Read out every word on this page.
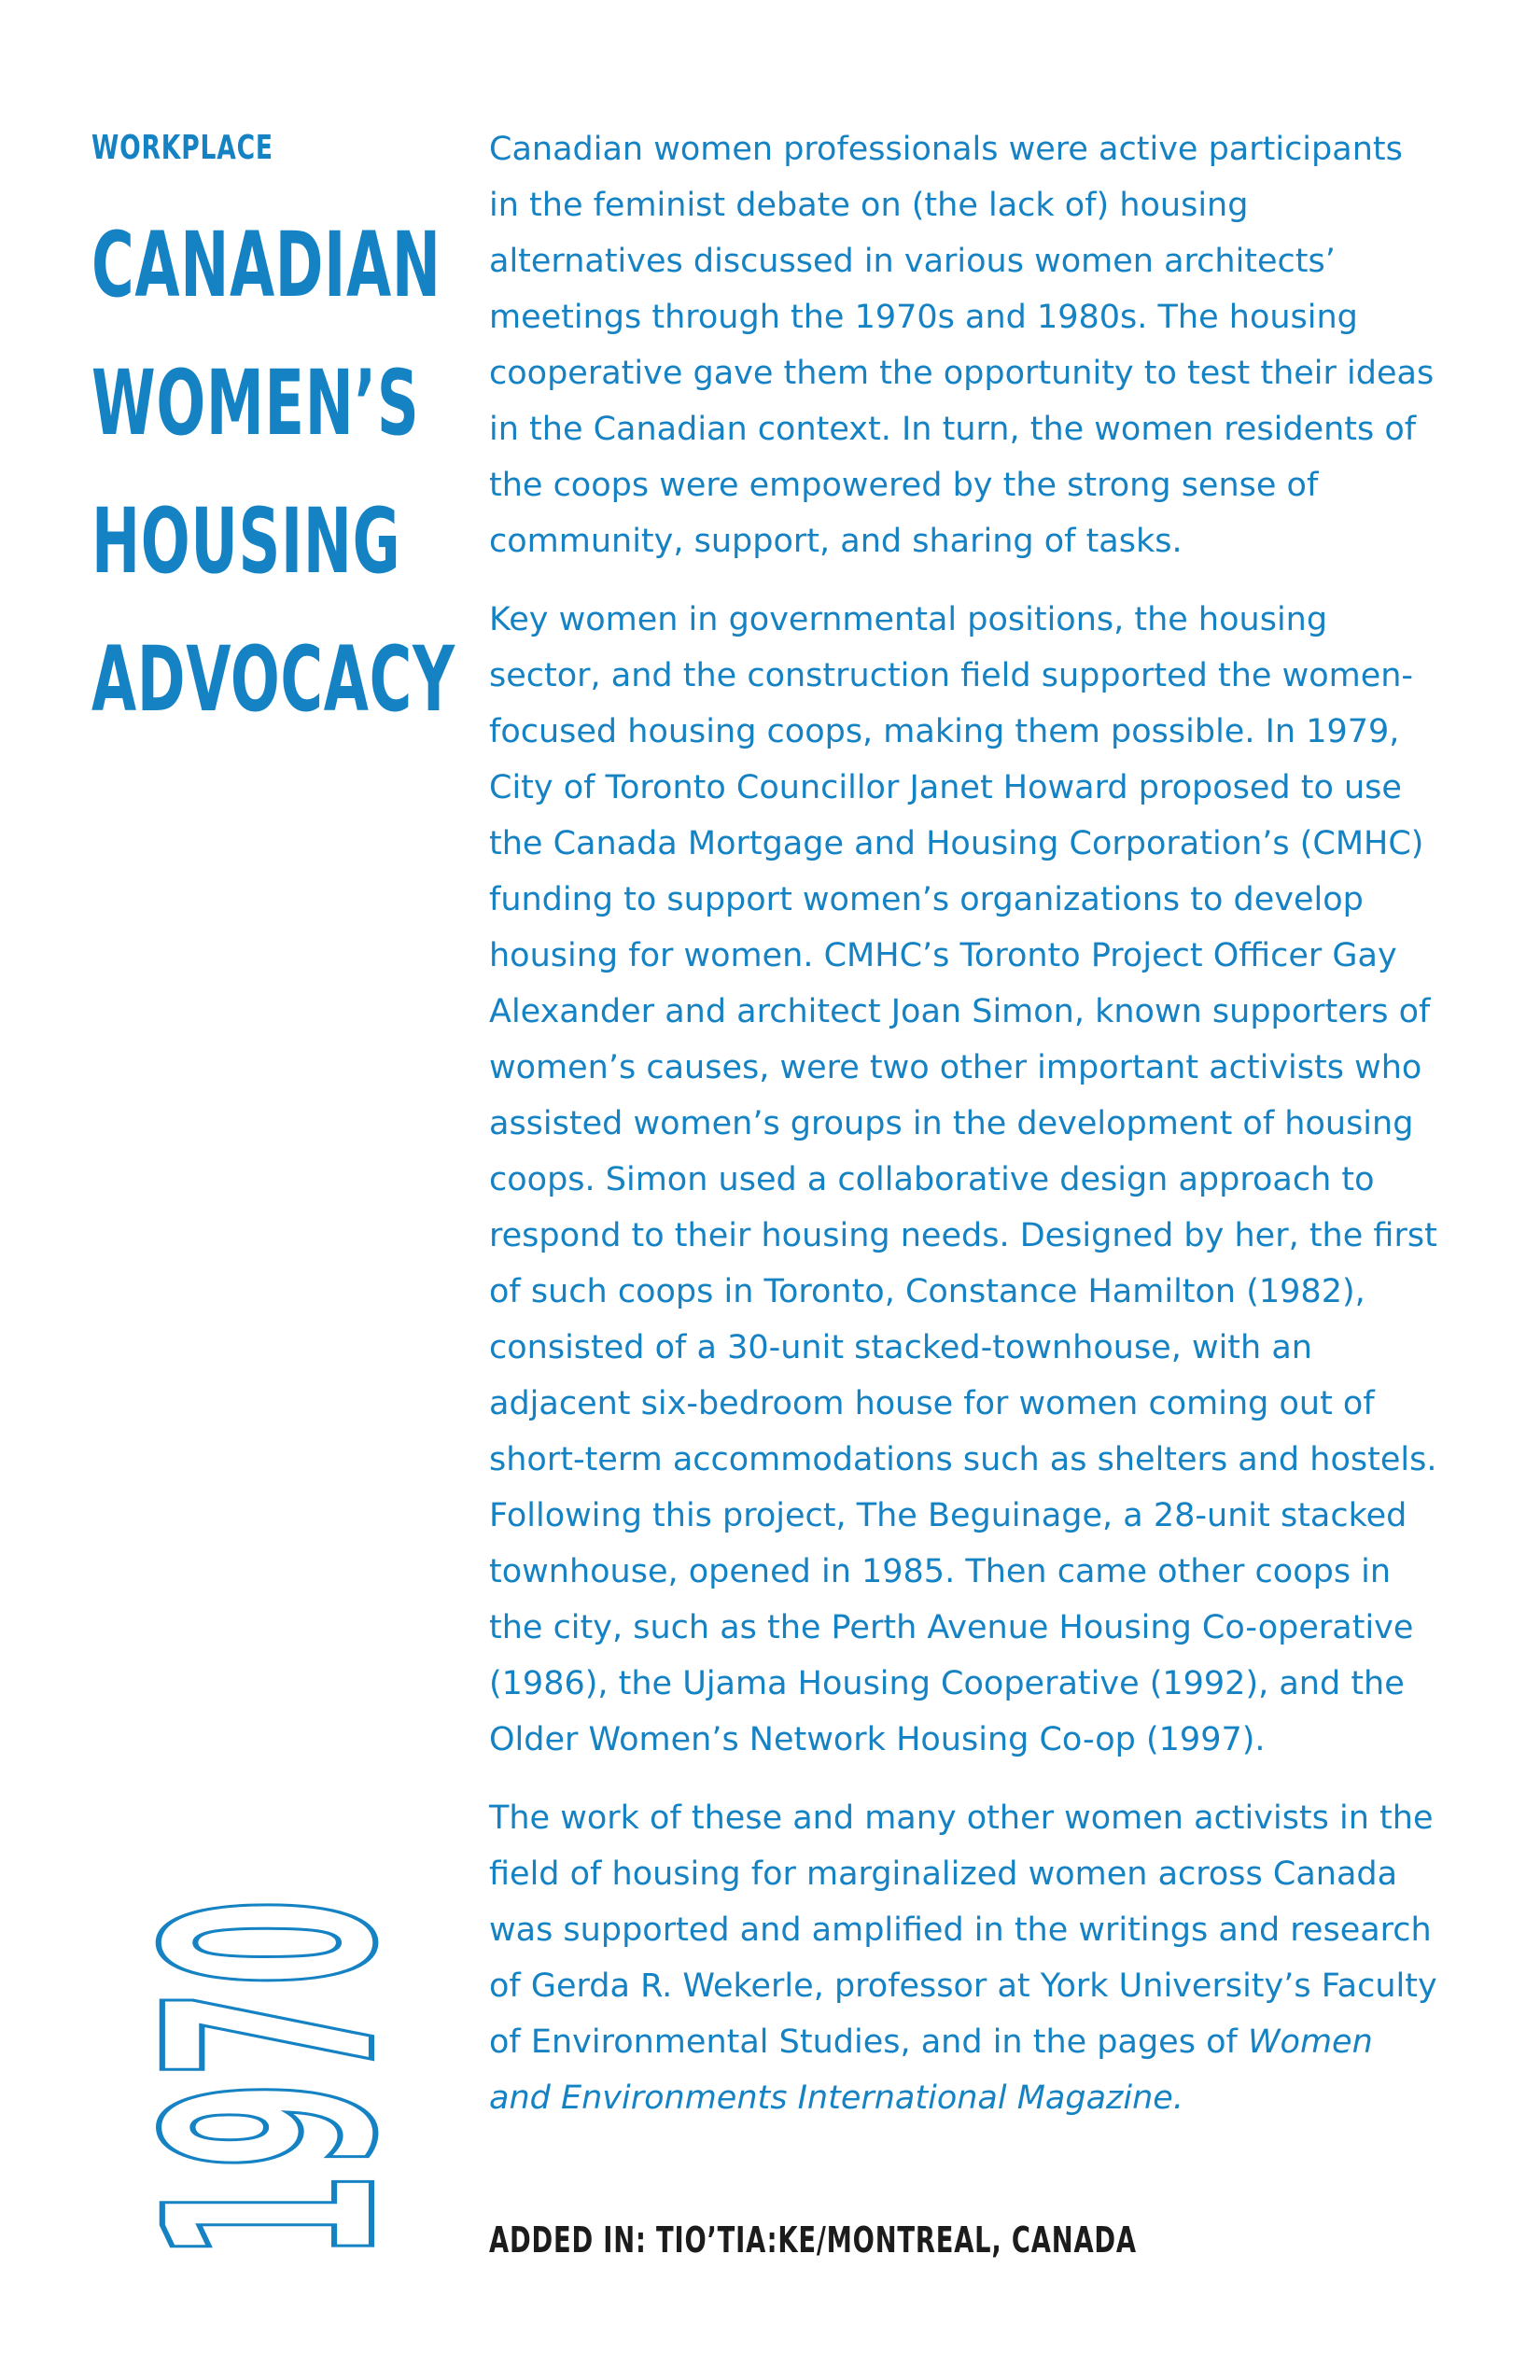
WORKPLACE
CANADIAN
WOMEN’S
HOUSING
ADVOCACY
1970

Canadian women professionals were active participants in the feminist debate on (the lack of) housing alternatives discussed in various women architects’ meetings through the 1970s and 1980s. The housing cooperative gave them the opportunity to test their ideas in the Canadian context. In turn, the women residents of the coops were empowered by the strong sense of community, support, and sharing of tasks.

Key women in governmental positions, the housing sector, and the construction field supported the women-focused housing coops, making them possible. In 1979, City of Toronto Councillor Janet Howard proposed to use the Canada Mortgage and Housing Corporation’s (CMHC) funding to support women’s organizations to develop housing for women. CMHC’s Toronto Project Officer Gay Alexander and architect Joan Simon, known supporters of women’s causes, were two other important activists who assisted women’s groups in the development of housing coops. Simon used a collaborative design approach to respond to their housing needs. Designed by her, the first of such coops in Toronto, Constance Hamilton (1982), consisted of a 30-unit stacked-townhouse, with an adjacent six-bedroom house for women coming out of short-term accommodations such as shelters and hostels. Following this project, The Beguinage, a 28-unit stacked townhouse, opened in 1985. Then came other coops in the city, such as the Perth Avenue Housing Co-operative (1986), the Ujama Housing Cooperative (1992), and the Older Women’s Network Housing Co-op (1997).

The work of these and many other women activists in the field of housing for marginalized women across Canada was supported and amplified in the writings and research of Gerda R. Wekerle, professor at York University’s Faculty of Environmental Studies, and in the pages of Women and Environments International Magazine.

ADDED IN: TIO’TIA:KE/MONTREAL, CANADA
